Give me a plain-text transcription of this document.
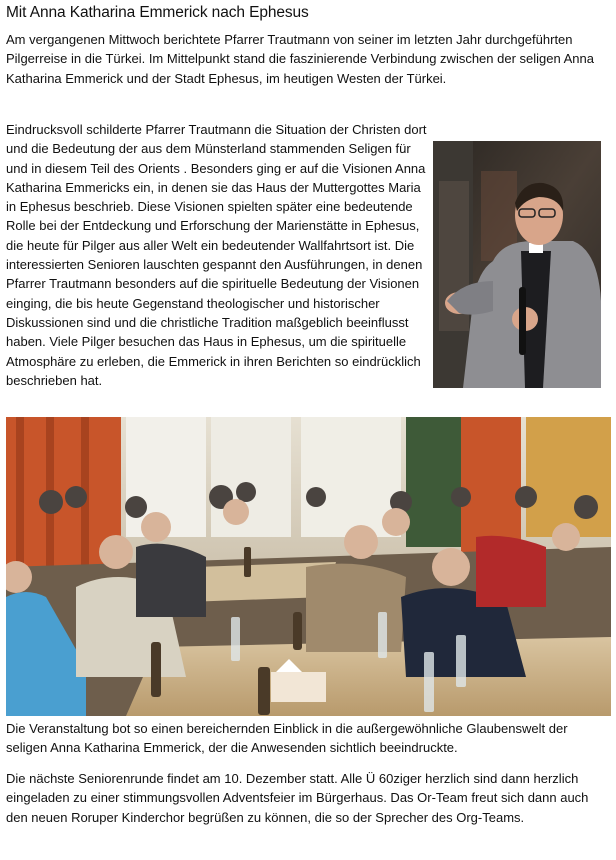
Mit Anna Katharina Emmerick nach Ephesus

Am vergangenen Mittwoch berichtete Pfarrer Trautmann von seiner im letzten Jahr durchgeführten Pilgerreise in die Türkei. Im Mittelpunkt stand die faszinierende Verbindung zwischen der seligen Anna Katharina Emmerick und der Stadt Ephesus, im heutigen Westen der Türkei.

Eindrucksvoll schilderte Pfarrer Trautmann die Situation der Christen dort und die Bedeutung der aus dem Münsterland stammenden Seligen für und in diesem Teil des Orients . Besonders ging er auf die Visionen Anna Katharina Emmericks ein, in denen sie das Haus der Muttergottes Maria in Ephesus beschrieb. Diese Visionen spielten später eine bedeutende Rolle bei der Entdeckung und Erforschung der Marienstätte in Ephesus, die heute für Pilger aus aller Welt ein bedeutender Wallfahrtsort ist. Die interessierten Senioren lauschten gespannt den Ausführungen, in denen Pfarrer Trautmann besonders auf die spirituelle Bedeutung der Visionen einging, die bis heute Gegenstand theologischer und historischer Diskussionen sind und die christliche Tradition maßgeblich beeinflusst haben. Viele Pilger besuchen das Haus in Ephesus, um die spirituelle Atmosphäre zu erleben, die Emmerick in ihren Berichten so eindrücklich beschrieben hat.

Die Veranstaltung bot so einen bereichernden Einblick in die außergewöhnliche Glaubenswelt der seligen Anna Katharina Emmerick, der die Anwesenden sichtlich beeindruckte.

Die nächste Seniorenrunde findet am 10. Dezember statt. Alle Ü 60ziger herzlich sind dann herzlich eingeladen zu einer stimmungsvollen Adventsfeier im Bürgerhaus. Das Or-Team freut sich dann auch den neuen Roruper Kinderchor begrüßen zu können, die so der Sprecher des Org-Teams.
